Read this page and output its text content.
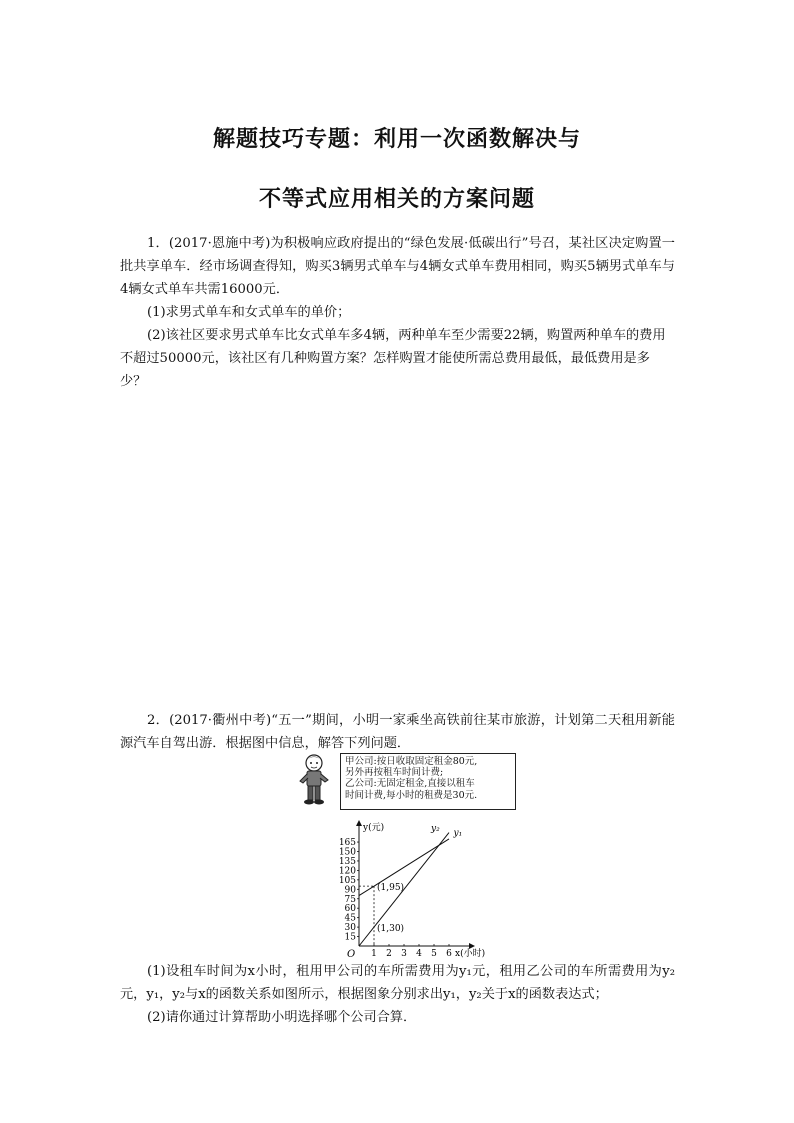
解题技巧专题：利用一次函数解决与
不等式应用相关的方案问题
1．(2017·恩施中考)为积极响应政府提出的“绿色发展·低碳出行”号召，某社区决定购置一批共享单车．经市场调查得知，购买3辆男式单车与4辆女式单车费用相同，购买5辆男式单车与4辆女式单车共需16000元．
(1)求男式单车和女式单车的单价；
(2)该社区要求男式单车比女式单车多4辆，两种单车至少需要22辆，购置两种单车的费用不超过50000元，该社区有几种购置方案？怎样购置才能使所需总费用最低，最低费用是多少？
2．(2017·衢州中考)“五一”期间，小明一家乘坐高铁前往某市旅游，计划第二天租用新能源汽车自驾出游．根据图中信息，解答下列问题．
甲公司:按日收取固定租金80元,
另外再按租车时间计费;
乙公司:无固定租金,直接以租车
时间计费,每小时的租费是30元.
15
30
45
60
75
90
105
120
135
150
165
1 2 3 4 5 6
y₁
y₂
(1,95)
(1,30)
y(元)
x(小时)
O
(1)设租车时间为x小时，租用甲公司的车所需费用为y₁元，租用乙公司的车所需费用为y₂元，y₁，y₂与x的函数关系如图所示，根据图象分别求出y₁，y₂关于x的函数表达式；
(2)请你通过计算帮助小明选择哪个公司合算．
